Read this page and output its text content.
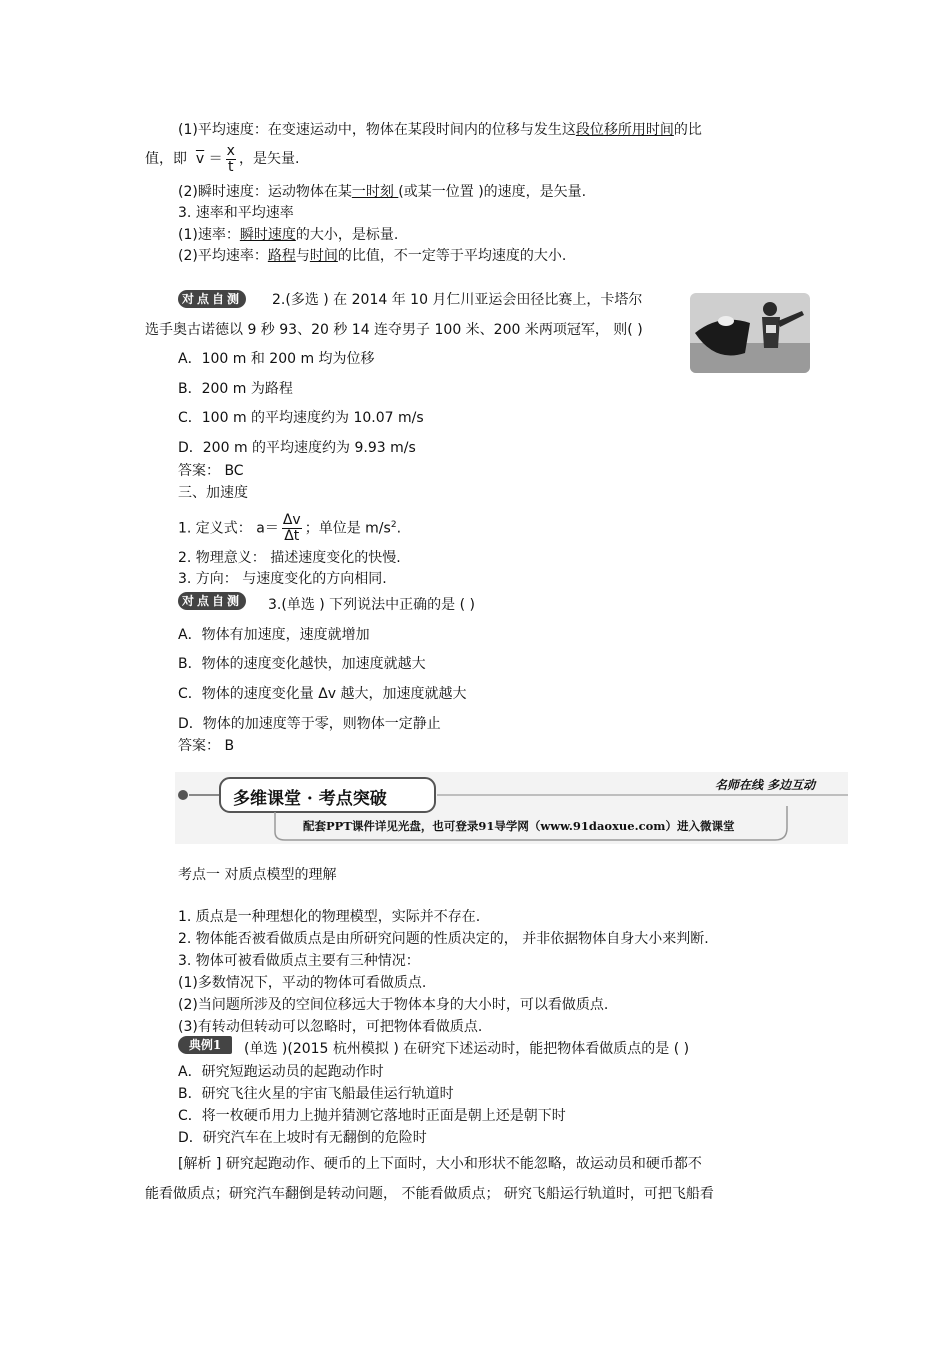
(1)平均速度：在变速运动中，物体在某段时间内的位移与发生这段位移所用时间的比
值，即 $\overline{v} = \frac{x}{t}$ ，是矢量.
(2)瞬时速度：运动物体在某一时刻 (或某一位置 )的速度，是矢量.
3. 速率和平均速率
(1)速率：瞬时速度的大小，是标量.
(2)平均速率：路程与时间的比值，不一定等于平均速度的大小.
对点自测 2.(多选 ) 在 2014 年 10 月仁川亚运会田径比赛上，卡塔尔
选手奥古诺德以 9 秒 93、20 秒 14 连夺男子 100 米、200 米两项冠军， 则( )
A．100 m 和 200 m 均为位移
B．200 m 为路程
C．100 m 的平均速度约为 10.07 m/s
D．200 m 的平均速度约为 9.93 m/s
答案： BC
三、加速度
1. 定义式： $a= \frac{\Delta v}{\Delta t}$ ；单位是 $m/s^2$.
2. 物理意义： 描述速度变化的快慢.
3. 方向： 与速度变化的方向相同.
对点自测 3.(单选 ) 下列说法中正确的是 ( )
A．物体有加速度，速度就增加
B．物体的速度变化越快，加速度就越大
C．物体的速度变化量 Δv 越大，加速度就越大
D．物体的加速度等于零，则物体一定静止
答案： B
多维课堂 · 考点突破
名师在线 多边互动
配套PPT课件详见光盘，也可登录91导学网（www.91daoxue.com）进入微课堂
考点一 对质点模型的理解
1. 质点是一种理想化的物理模型，实际并不存在.
2. 物体能否被看做质点是由所研究问题的性质决定的， 并非依据物体自身大小来判断.
3. 物体可被看做质点主要有三种情况：
(1)多数情况下，平动的物体可看做质点.
(2)当问题所涉及的空间位移远大于物体本身的大小时，可以看做质点.
(3)有转动但转动可以忽略时，可把物体看做质点.
典例1	(单选 )(2015 杭州模拟 ) 在研究下述运动时，能把物体看做质点的是 ( )
A．研究短跑运动员的起跑动作时
B．研究飞往火星的宇宙飞船最佳运行轨道时
C．将一枚硬币用力上抛并猜测它落地时正面是朝上还是朝下时
D．研究汽车在上坡时有无翻倒的危险时
[解析 ] 研究起跑动作、硬币的上下面时，大小和形状不能忽略，故运动员和硬币都不
能看做质点；研究汽车翻倒是转动问题， 不能看做质点； 研究飞船运行轨道时，可把飞船看
